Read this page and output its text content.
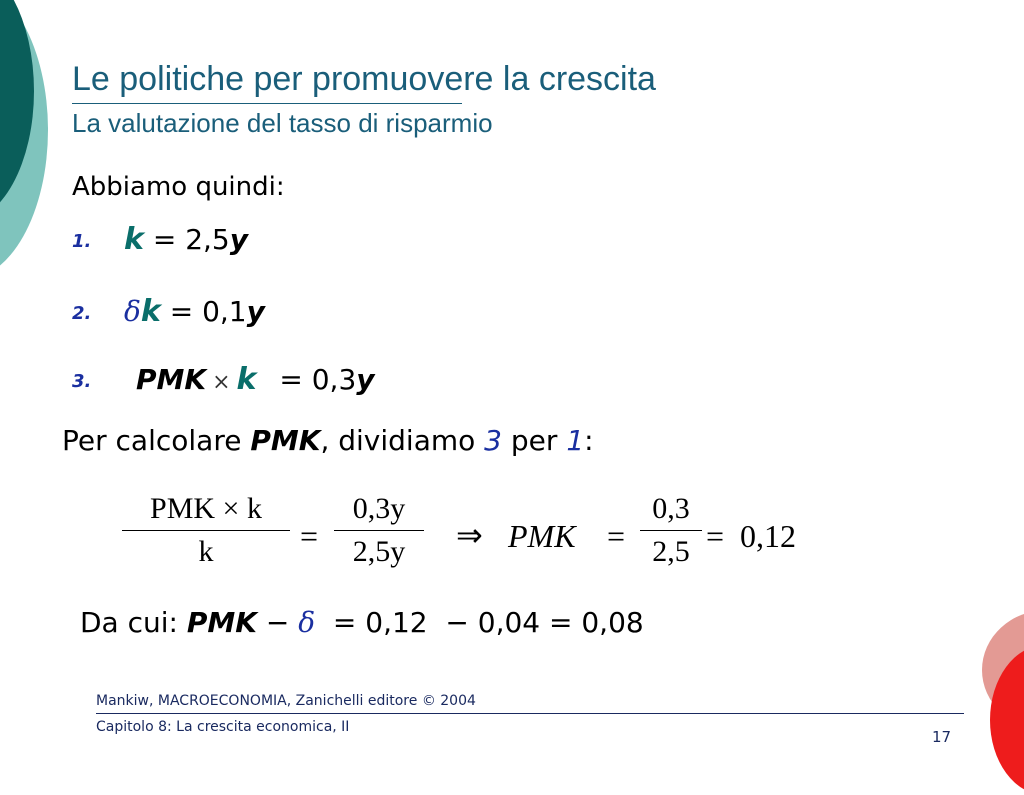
Le politiche per promuovere la crescita
La valutazione del tasso di risparmio
Abbiamo quindi:
1. k = 2,5y
2. δk = 0,1y
3. PMK × k = 0,3y
Per calcolare PMK, dividiamo 3 per 1:
PMK × k
k	=
0,3y
2,5y	⇒ PMK =
0,3
2,5 = 0,12
Da cui: PMK − δ  = 0,12  − 0,04 = 0,08
Mankiw, MACROECONOMIA, Zanichelli editore © 2004
Capitolo 8: La crescita economica, II
17
